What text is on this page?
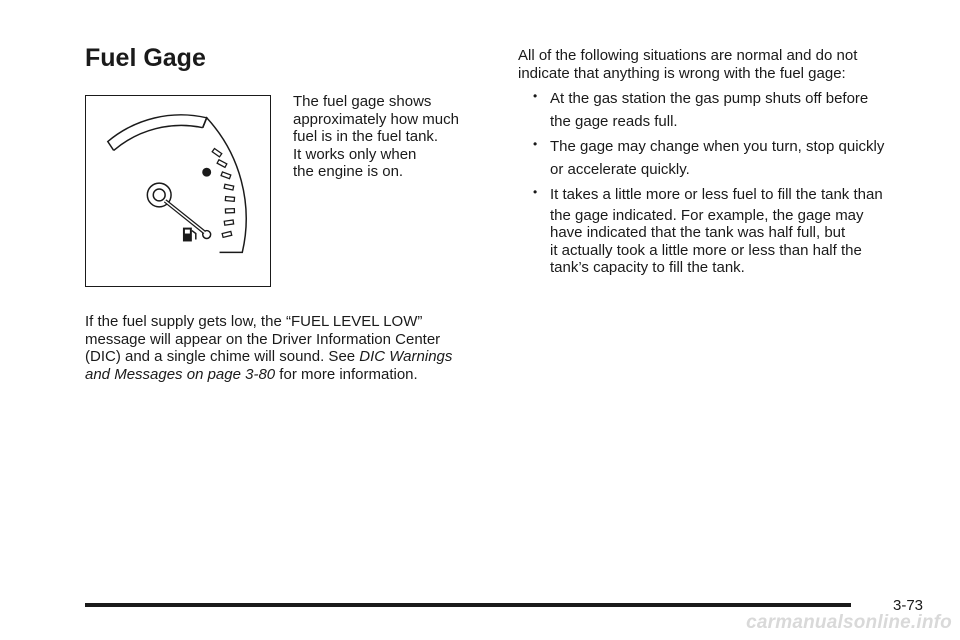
Fuel Gage
The fuel gage shows
approximately how much
fuel is in the fuel tank.
It works only when
the engine is on.
If the fuel supply gets low, the “FUEL LEVEL LOW”
message will appear on the Driver Information Center
(DIC) and a single chime will sound. See DIC Warnings
and Messages on page 3-80 for more information.
All of the following situations are normal and do not
indicate that anything is wrong with the fuel gage:
• At the gas station the gas pump shuts off before
the gage reads full.
• The gage may change when you turn, stop quickly
or accelerate quickly.
• It takes a little more or less fuel to fill the tank than
the gage indicated. For example, the gage may
have indicated that the tank was half full, but
it actually took a little more or less than half the
tank’s capacity to fill the tank.
3-73
carmanualsonline.info
